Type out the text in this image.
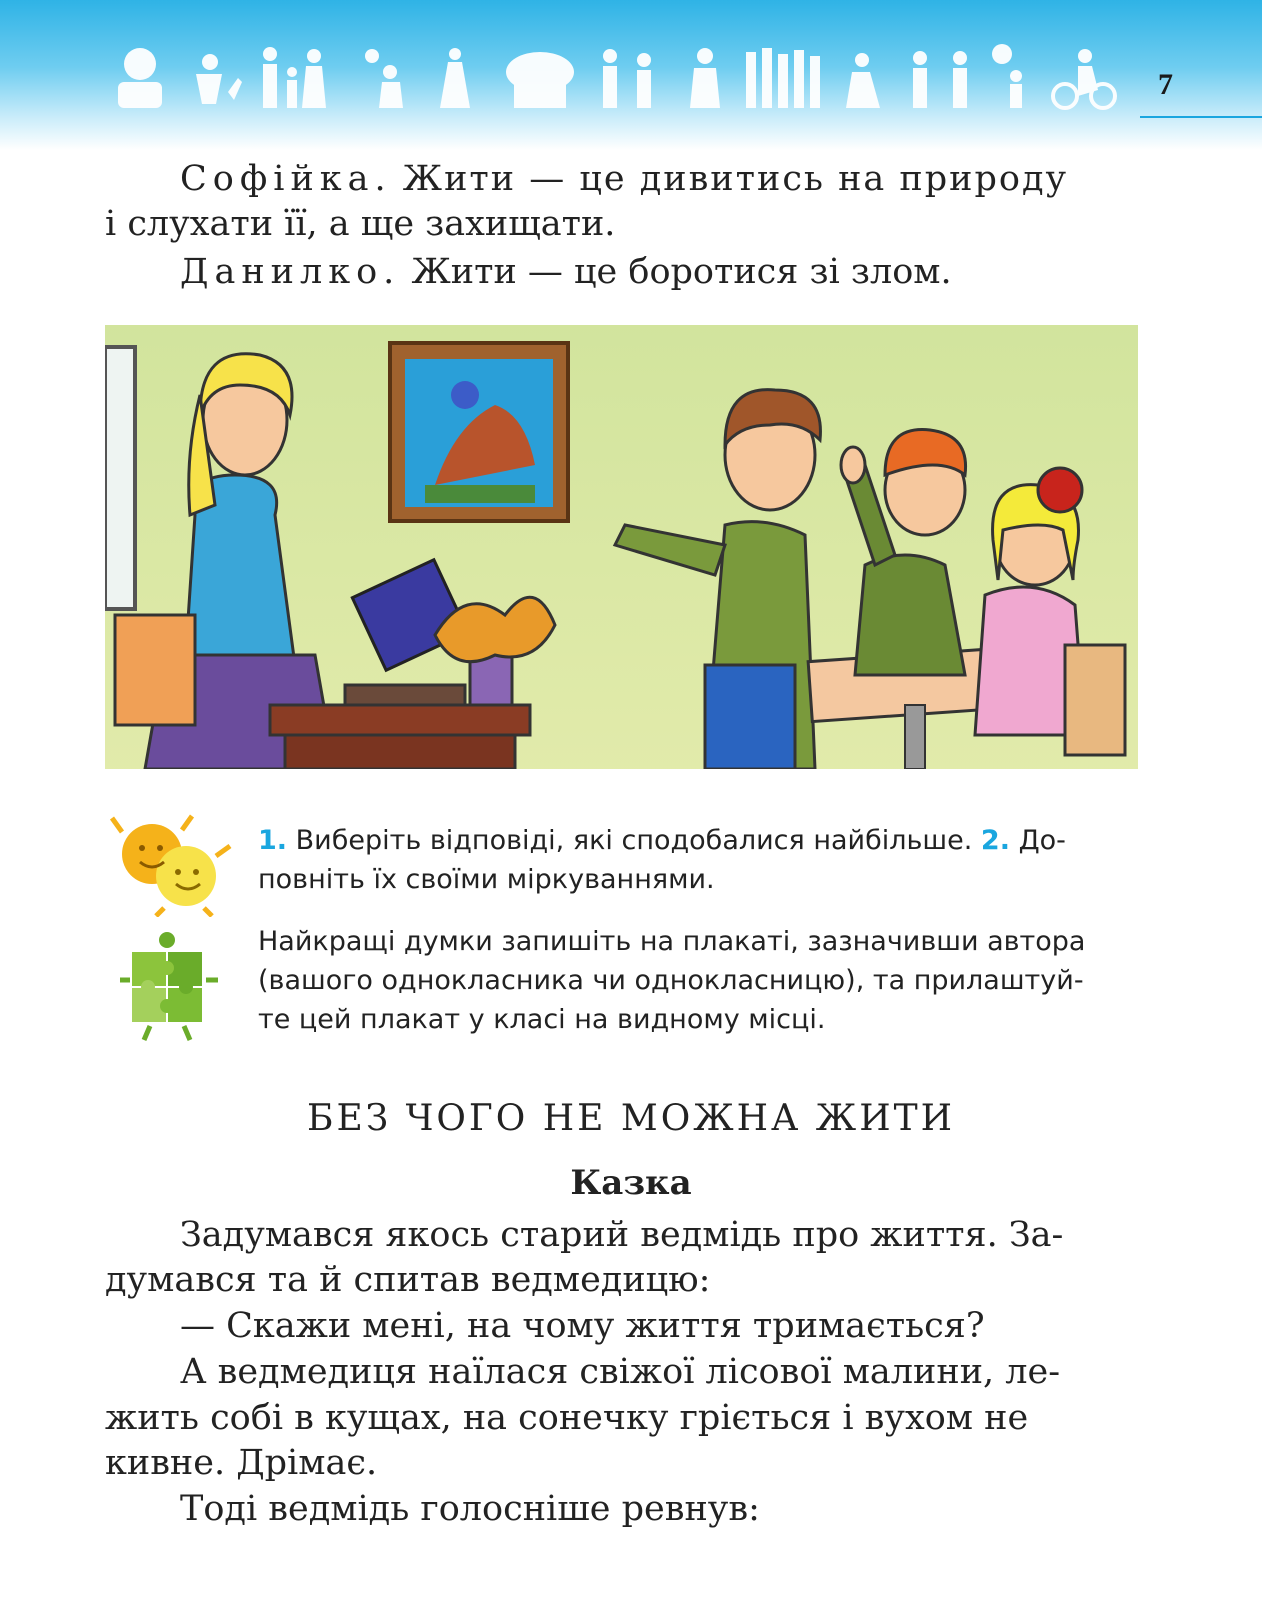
7
Софійка. Жити — це дивитись на природу
і слухати її, а ще захищати.
Данилко. Жити — це боротися зі злом.
1. Виберіть відповіді, які сподобалися найбільше. 2. До-
повніть їх своїми міркуваннями.
Найкращі думки запишіть на плакаті, зазначивши автора
(вашого однокласника чи однокласницю), та прилаштуй-
те цей плакат у класі на видному місці.
БЕЗ ЧОГО НЕ МОЖНА ЖИТИ
Казка
Задумався якось старий ведмідь про життя. За-
думався та й спитав ведмедицю:
— Скажи мені, на чому життя тримається?
А ведмедиця наїлася свіжої лісової малини, ле-
жить собі в кущах, на сонечку гріється і вухом не
кивне. Дрімає.
Тоді ведмідь голосніше ревнув:
